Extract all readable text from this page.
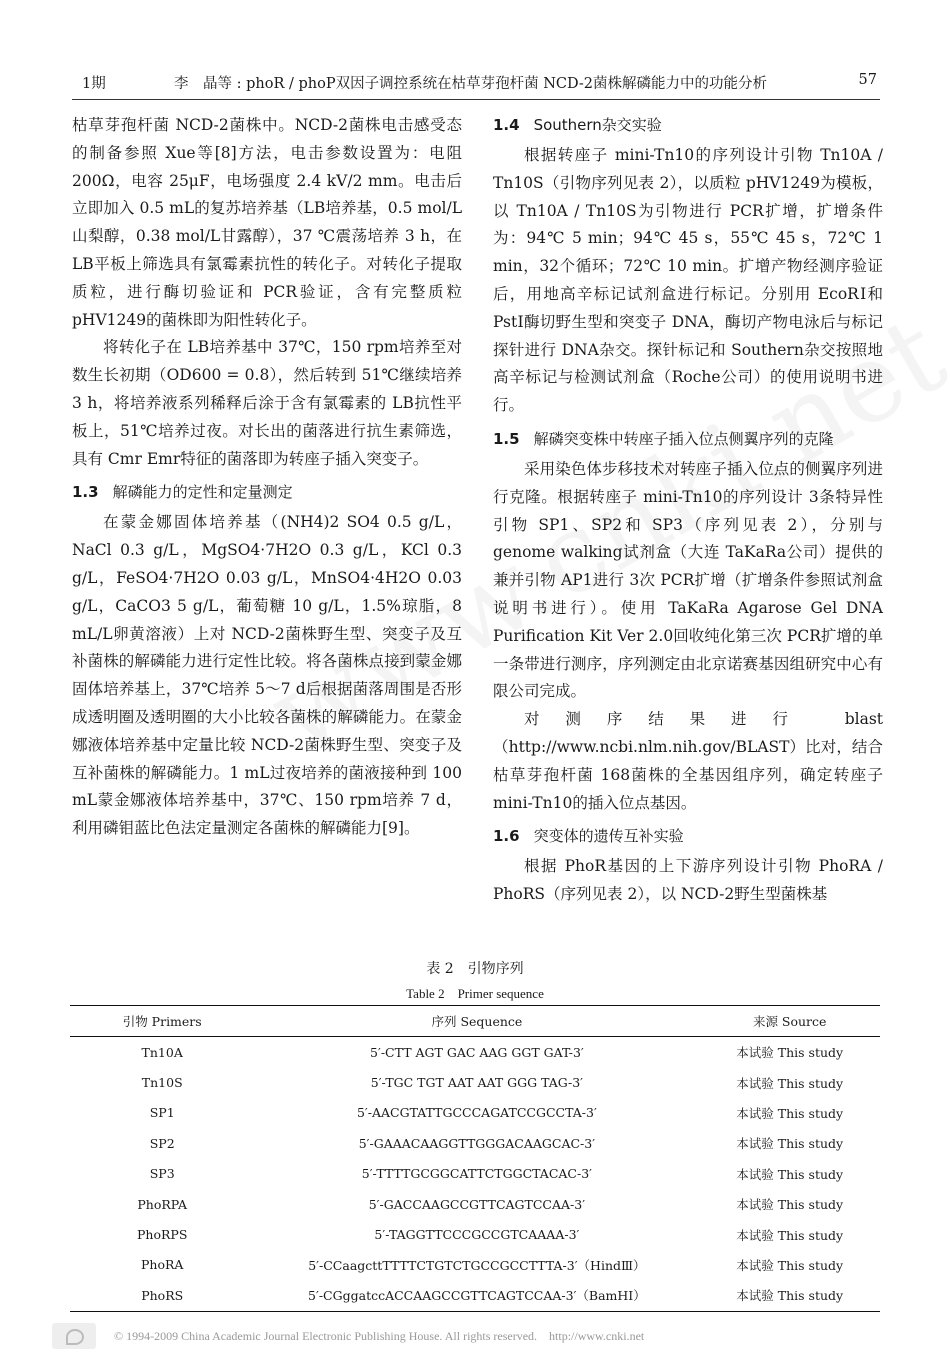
1期	李　晶等 : phoR / phoP双因子调控系统在枯草芽孢杆菌 NCD-2菌株解磷能力中的功能分析	57

枯草芽孢杆菌 NCD-2菌株中。NCD-2菌株电击感受态的制备参照 Xue等[8]方法，电击参数设置为：电阻 200Ω，电容 25μF，电场强度 2.4 kV/2 mm。电击后立即加入 0.5 mL的复苏培养基（LB培养基，0.5 mol/L山梨醇，0.38 mol/L甘露醇），37 ℃震荡培养 3 h，在 LB平板上筛选具有氯霉素抗性的转化子。对转化子提取质粒，进行酶切验证和 PCR验证，含有完整质粒 pHV1249的菌株即为阳性转化子。

将转化子在 LB培养基中 37℃，150 rpm培养至对数生长初期（OD600 = 0.8），然后转到 51℃继续培养 3 h，将培养液系列稀释后涂于含有氯霉素的 LB抗性平板上，51℃培养过夜。对长出的菌落进行抗生素筛选，具有 Cmr Emr特征的菌落即为转座子插入突变子。

1.3 解磷能力的定性和定量测定

在蒙金娜固体培养基（(NH4)2 SO4 0.5 g/L，NaCl 0.3 g/L，MgSO4·7H2O 0.3 g/L，KCl 0.3 g/L，FeSO4·7H2O 0.03 g/L，MnSO4·4H2O 0.03 g/L，CaCO3 5 g/L，葡萄糖 10 g/L，1.5%琼脂，8 mL/L卵黄溶液）上对 NCD-2菌株野生型、突变子及互补菌株的解磷能力进行定性比较。将各菌株点接到蒙金娜固体培养基上，37℃培养 5～7 d后根据菌落周围是否形成透明圈及透明圈的大小比较各菌株的解磷能力。在蒙金娜液体培养基中定量比较 NCD-2菌株野生型、突变子及互补菌株的解磷能力。1 mL过夜培养的菌液接种到 100 mL蒙金娜液体培养基中，37℃、150 rpm培养 7 d，利用磷钼蓝比色法定量测定各菌株的解磷能力[9]。

1.4 Southern杂交实验

根据转座子 mini-Tn10的序列设计引物 Tn10A / Tn10S（引物序列见表 2），以质粒 pHV1249为模板，以 Tn10A / Tn10S为引物进行 PCR扩增，扩增条件为：94℃ 5 min；94℃ 45 s，55℃ 45 s，72℃ 1 min，32个循环；72℃ 10 min。扩增产物经测序验证后，用地高辛标记试剂盒进行标记。分别用 EcoRⅠ和 PstⅠ酶切野生型和突变子 DNA，酶切产物电泳后与标记探针进行 DNA杂交。探针标记和 Southern杂交按照地高辛标记与检测试剂盒（Roche公司）的使用说明书进行。

1.5 解磷突变株中转座子插入位点侧翼序列的克隆

采用染色体步移技术对转座子插入位点的侧翼序列进行克隆。根据转座子 mini-Tn10的序列设计 3条特异性引物 SP1、SP2和 SP3（序列见表 2），分别与 genome walking试剂盒（大连 TaKaRa公司）提供的兼并引物 AP1进行 3次 PCR扩增（扩增条件参照试剂盒说明书进行）。使用 TaKaRa Agarose Gel DNA Purification Kit Ver 2.0回收纯化第三次 PCR扩增的单一条带进行测序，序列测定由北京诺赛基因组研究中心有限公司完成。

对测序结果进行 blast（http://www.ncbi.nlm.nih.gov/BLAST）比对，结合枯草芽孢杆菌 168菌株的全基因组序列，确定转座子 mini-Tn10的插入位点基因。

1.6 突变体的遗传互补实验

根据 PhoR基因的上下游序列设计引物 PhoRA / PhoRS（序列见表 2），以 NCD-2野生型菌株基

表 2　引物序列
Table 2　Primer sequence
引物 Primers	序列 Sequence	来源 Source
Tn10A	5′-CTT AGT GAC AAG GGT GAT-3′	本试验 This study
Tn10S	5′-TGC TGT AAT AAT GGG TAG-3′	本试验 This study
SP1	5′-AACGTATTGCCCAGATCCGCCTA-3′	本试验 This study
SP2	5′-GAAACAAGGTTGGGACAAGCAC-3′	本试验 This study
SP3	5′-TTTTGCGGCATTCTGGCTACAC-3′	本试验 This study
PhoRPA	5′-GACCAAGCCGTTCAGTCCAA-3′	本试验 This study
PhoRPS	5′-TAGGTTCCCGCCGTCAAAA-3′	本试验 This study
PhoRA	5′-CCaagcttTTTTCTGTCTGCCGCCTTTA-3′（HindⅢ）	本试验 This study
PhoRS	5′-CGggatccACCAAGCCGTTCAGTCCAA-3′（BamHⅠ）	本试验 This study
© 1994-2009 China Academic Journal Electronic Publishing House. All rights reserved.　http://www.cnki.net
